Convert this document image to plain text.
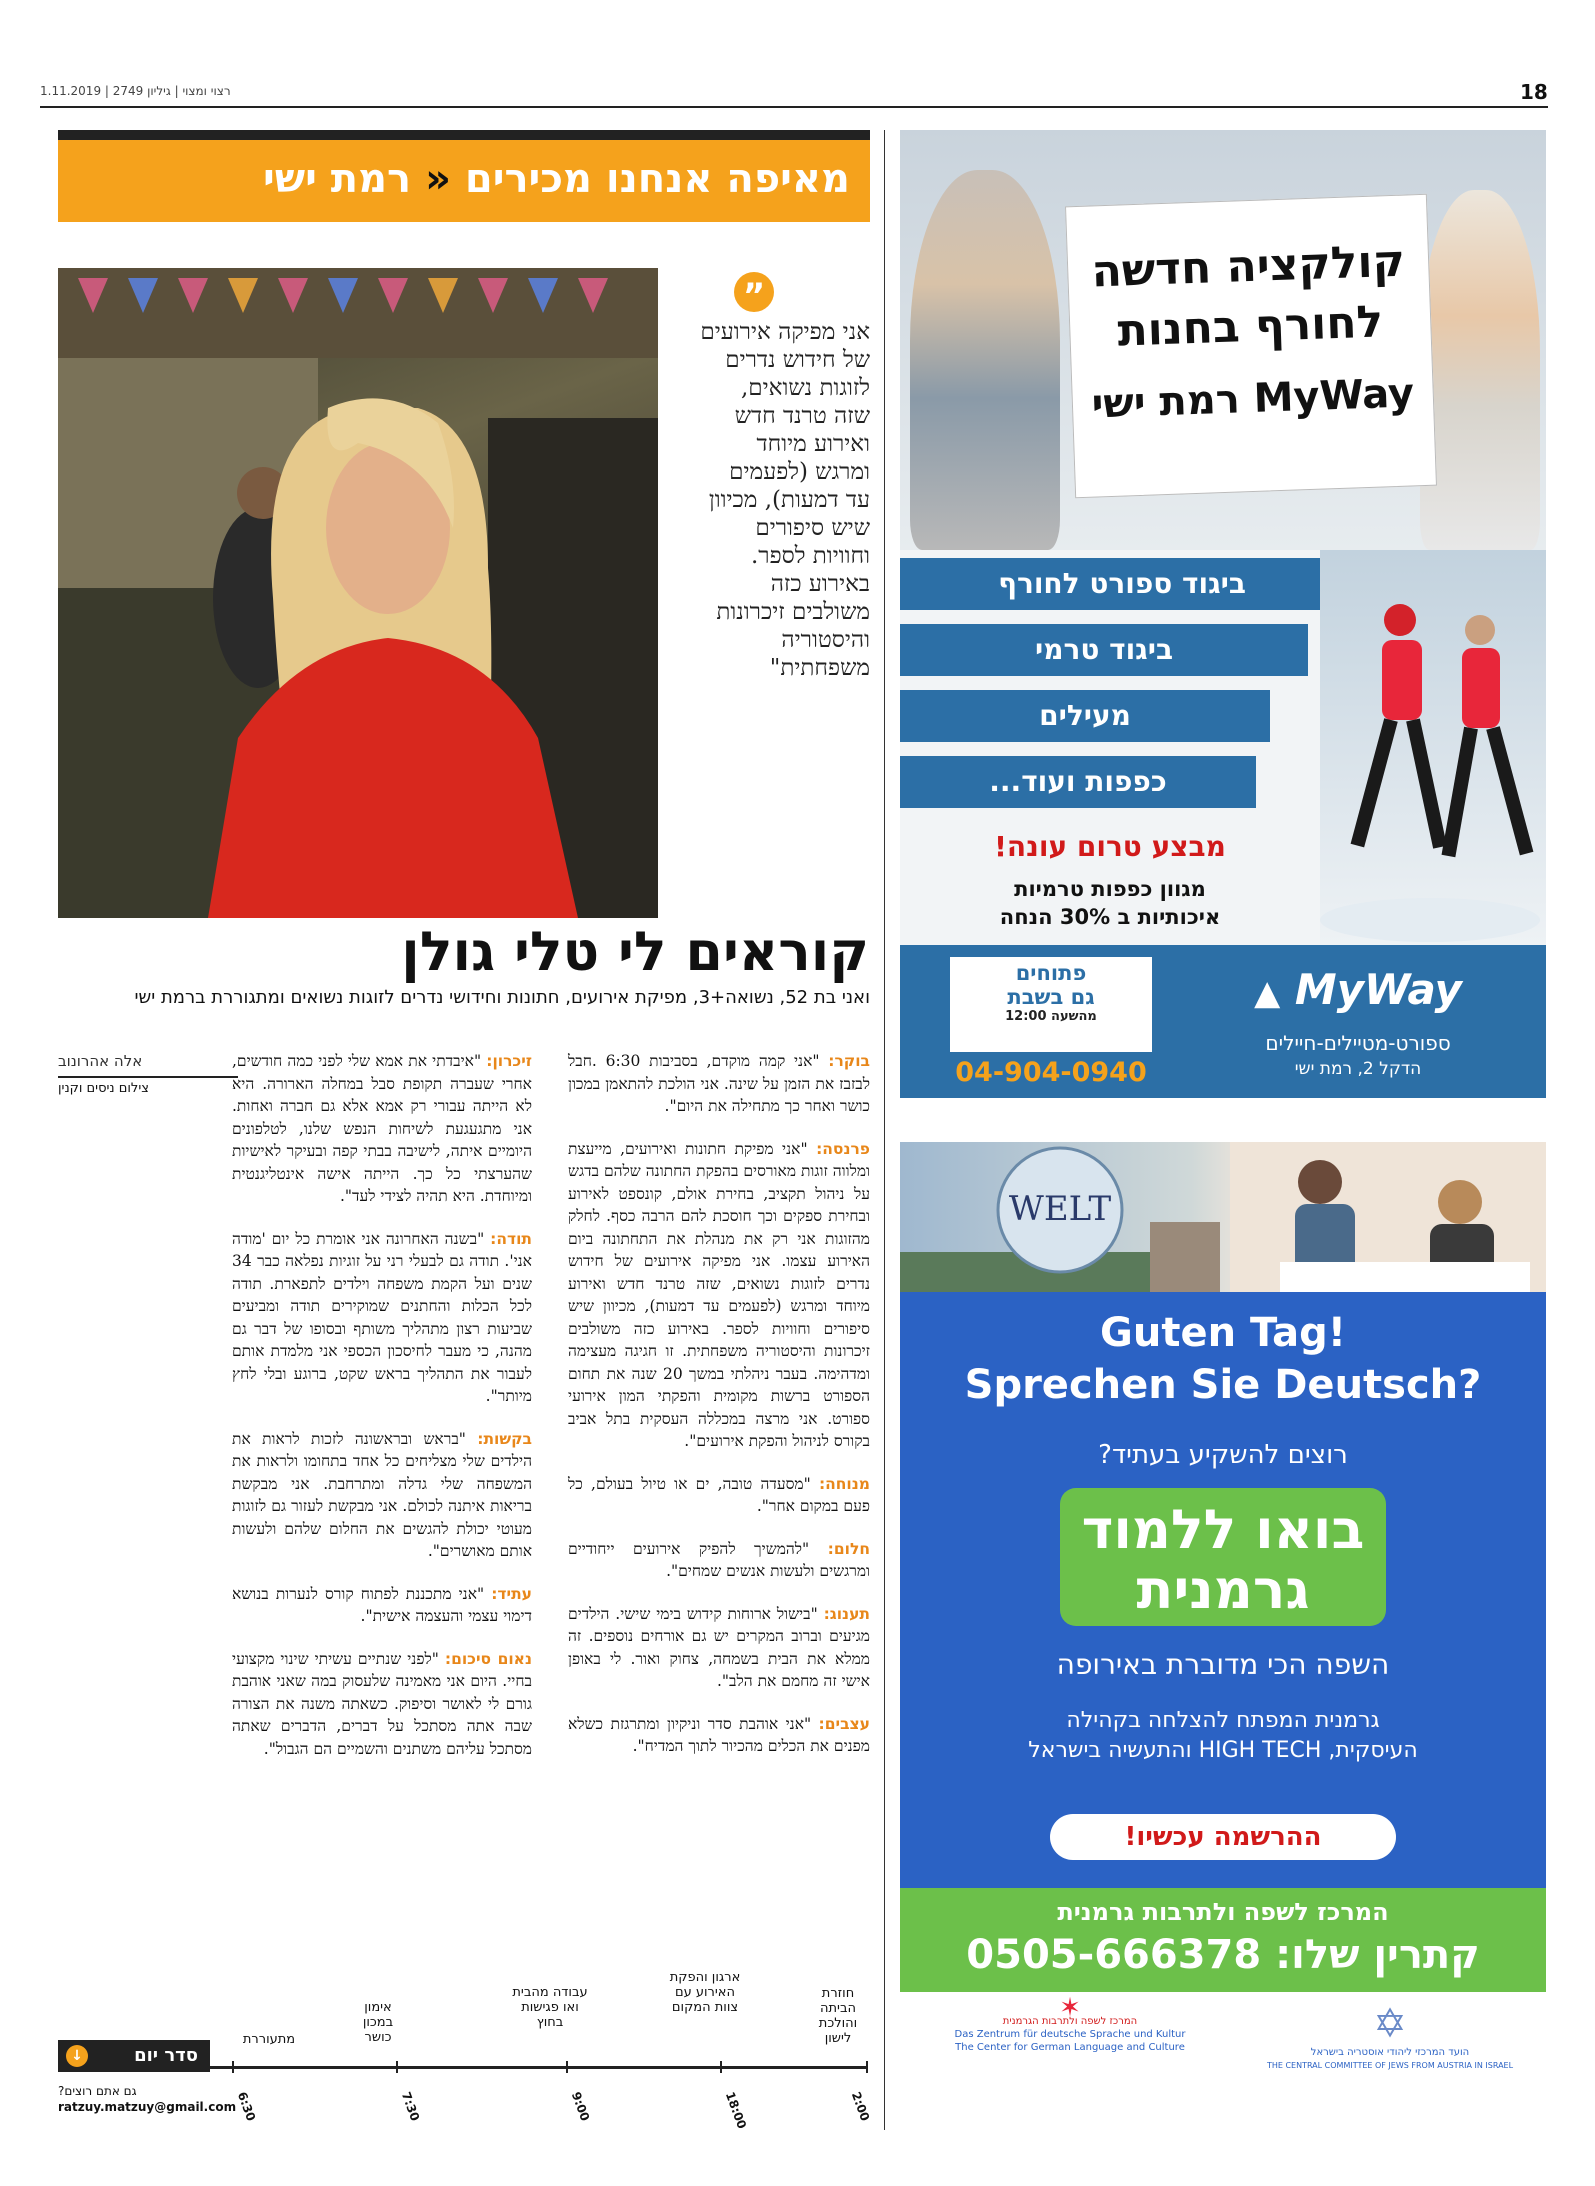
18
רצוי ומצוי | גיליון 2749 | 1.11.2019
מאיפה אנחנו מכירים « רמת ישי
”
אני מפיקה אירועים של חידוש נדרים לזוגות נשואים, שזה טרנד חדש ואירוע מיוחד ומרגש (לפעמים עד דמעות), מכיוון שיש סיפורים וחוויות לספר. באירוע כזה משולבים זיכרונות והיסטוריה משפחתית"
קוראים לי טלי גולן
ואני בת 52, נשואה+3, מפיקת אירועים, חתונות וחידושי נדרים לזוגות נשואים ומתגוררת ברמת ישי
אלה אהרונוב
צילום ניסים וקנין

בוקר: "אני קמה מוקדם, בסביבות 6:30 .חבל לבזבז את הזמן על שינה. אני הולכת להתאמן במכון כושר ואחר כך מתחילה את היום".

פרנסה: "אני מפיקת חתונות ואירועים, מייעצת ומלווה זוגות מאורסים בהפקת החתונה שלהם בדגש על ניהול תקציב, בחירת אולם, קונספט לאירוע ובחירת ספקים וכך חוסכת להם הרבה כסף. לחלק מהזוגות אני רק את מנהלת את התחתונה ביום האירוע עצמו. אני מפיקה אירועים של חידוש נדרים לזוגות נשואים, שזה טרנד חדש ואירוע מיוחד ומרגש (לפעמים עד דמעות), מכיוון שיש סיפורים וחוויות לספר. באירוע כזה משולבים זיכרונות והיסטוריה משפחתית. זו חגיגה מעצימה ומדהימה. בעבר ניהלתי במשך 20 שנה את תחום הספורט ברשות מקומית והפקתי המון אירועי ספורט. אני מרצה במכללה העסקית בתל אביב בקורס לניהול והפקת אירועים".

מנוחה: "מסעדה טובה, ים או טיול בעולם, כל פעם במקום אחר".

חלום: "להמשיך להפיק אירועים ייחודיים ומרגשים ולעשות אנשים שמחים".

תענוג: "בישול ארוחות קידוש בימי שישי. הילדים מגיעים וברוב המקרים יש גם אורחים נוספים. זה ממלא את הבית בשמחה, צחוק ואור. לי באופן אישי זה מחמם את הלב".

עצבים: "אני אוהבת סדר וניקיון ומתרגזת כשלא מפנים את הכלים מהכיור לתוך המדיח".

זיכרון: "איבדתי את אמא שלי לפני כמה חודשים, אחרי שעברה תקופת סבל במחלה הארורה. היא לא הייתה עבורי רק אמא אלא גם חברה ואחות. אני מתגעגעת לשיחות הנפש שלנו, לטלפונים היומיים איתה, לישיבה בבתי קפה ובעיקר לאישיות שהערצתי כל כך. הייתה אישה אינטליגנטית ומיוחדת. היא תהיה לצידי לעד".

תודה: "בשנה האחרונה אני אומרת כל יום 'מודה אני'. תודה גם לבעלי רני על זוגיות נפלאה כבר 34 שנים ועל הקמת משפחה וילדים לתפארת. תודה לכל הכלות והחתנים שמוקירים תודה ומביעים שביעות רצון מתהליך משותף ובסופו של דבר גם מהנה, כי מעבר לחיסכון הכספי אני מלמדת אותם לעבור את התהליך בראש שקט, ברוגע ובלי לחץ מיותר".

בקשות: "בראש ובראשונה לזכות לראות את הילדים שלי מצליחים כל אחד בתחומו ולראות את המשפחה שלי גדלה ומתרחבת. אני מבקשת בריאות איתנה לכולם. אני מבקשת לעזור גם לזוגות מעוטי יכולת להגשים את החלום שלהם ולעשות אותם מאושרים".

עתיד: "אני מתכננת לפתוח קורס לנערות בנושא דימוי עצמי והעצמה אישית".

נאום סיכום: "לפני שנתיים עשיתי שינוי מקצועי בחיי. היום אני מאמינה שלעסוק במה שאני אוהבת גורם לי לאושר וסיפוק. כשאתה משנה את הצורה שבה אתה מסתכל על דברים, הדברים שאתה מסתכל עליהם משתנים והשמיים הם הגבול".

סדר יום
↓
גם אתם רוצים?
ratzuy.matzuy@gmail.com
מתעוררת
אימון במכון כושר
עבודה מהבית ואו פגישות בחוץ
ארגון והפקת האירוע עם צוות המקום
חוזרת הביתה והולכת לישון
6:30	7:30	9:00	18:00	2:00
קולקציה חדשה
לחורף בחנות
MyWay רמת ישי
ביגוד ספורט לחורף
ביגוד טרמי
מעילים
כפפות ועוד...
מבצע טרום עונה!
מגוון כפפות טרמיות
איכותיות ב 30% הנחה
פתוחים
גם בשבת
מהשעה 12:00
04-904-0940
▲ MyWay
ספורט-מטיילים-חיילים
הדקל 2, רמת ישי
WELT
Guten Tag!
Sprechen Sie Deutsch?
רוצים להשקיע בעתיד?
בואו ללמוד
גרמנית
השפה הכי מדוברת באירופה
גרמנית המפתח להצלחה בקהילה
העיסקית, HIGH TECH והתעשיה בישראל
ההרשמה עכשיו!
המרכז לשפה ולתרבות גרמנית
קתרין שלו: 0505-666378
✶
המרכז לשפה ולתרבות הגרמנית
Das Zentrum für deutsche Sprache und Kultur
The Center for German Language and Culture
✡
הועד המרכזי ליהודי אוסטריה בישראל
THE CENTRAL COMMITTEE OF JEWS FROM AUSTRIA IN ISRAEL
